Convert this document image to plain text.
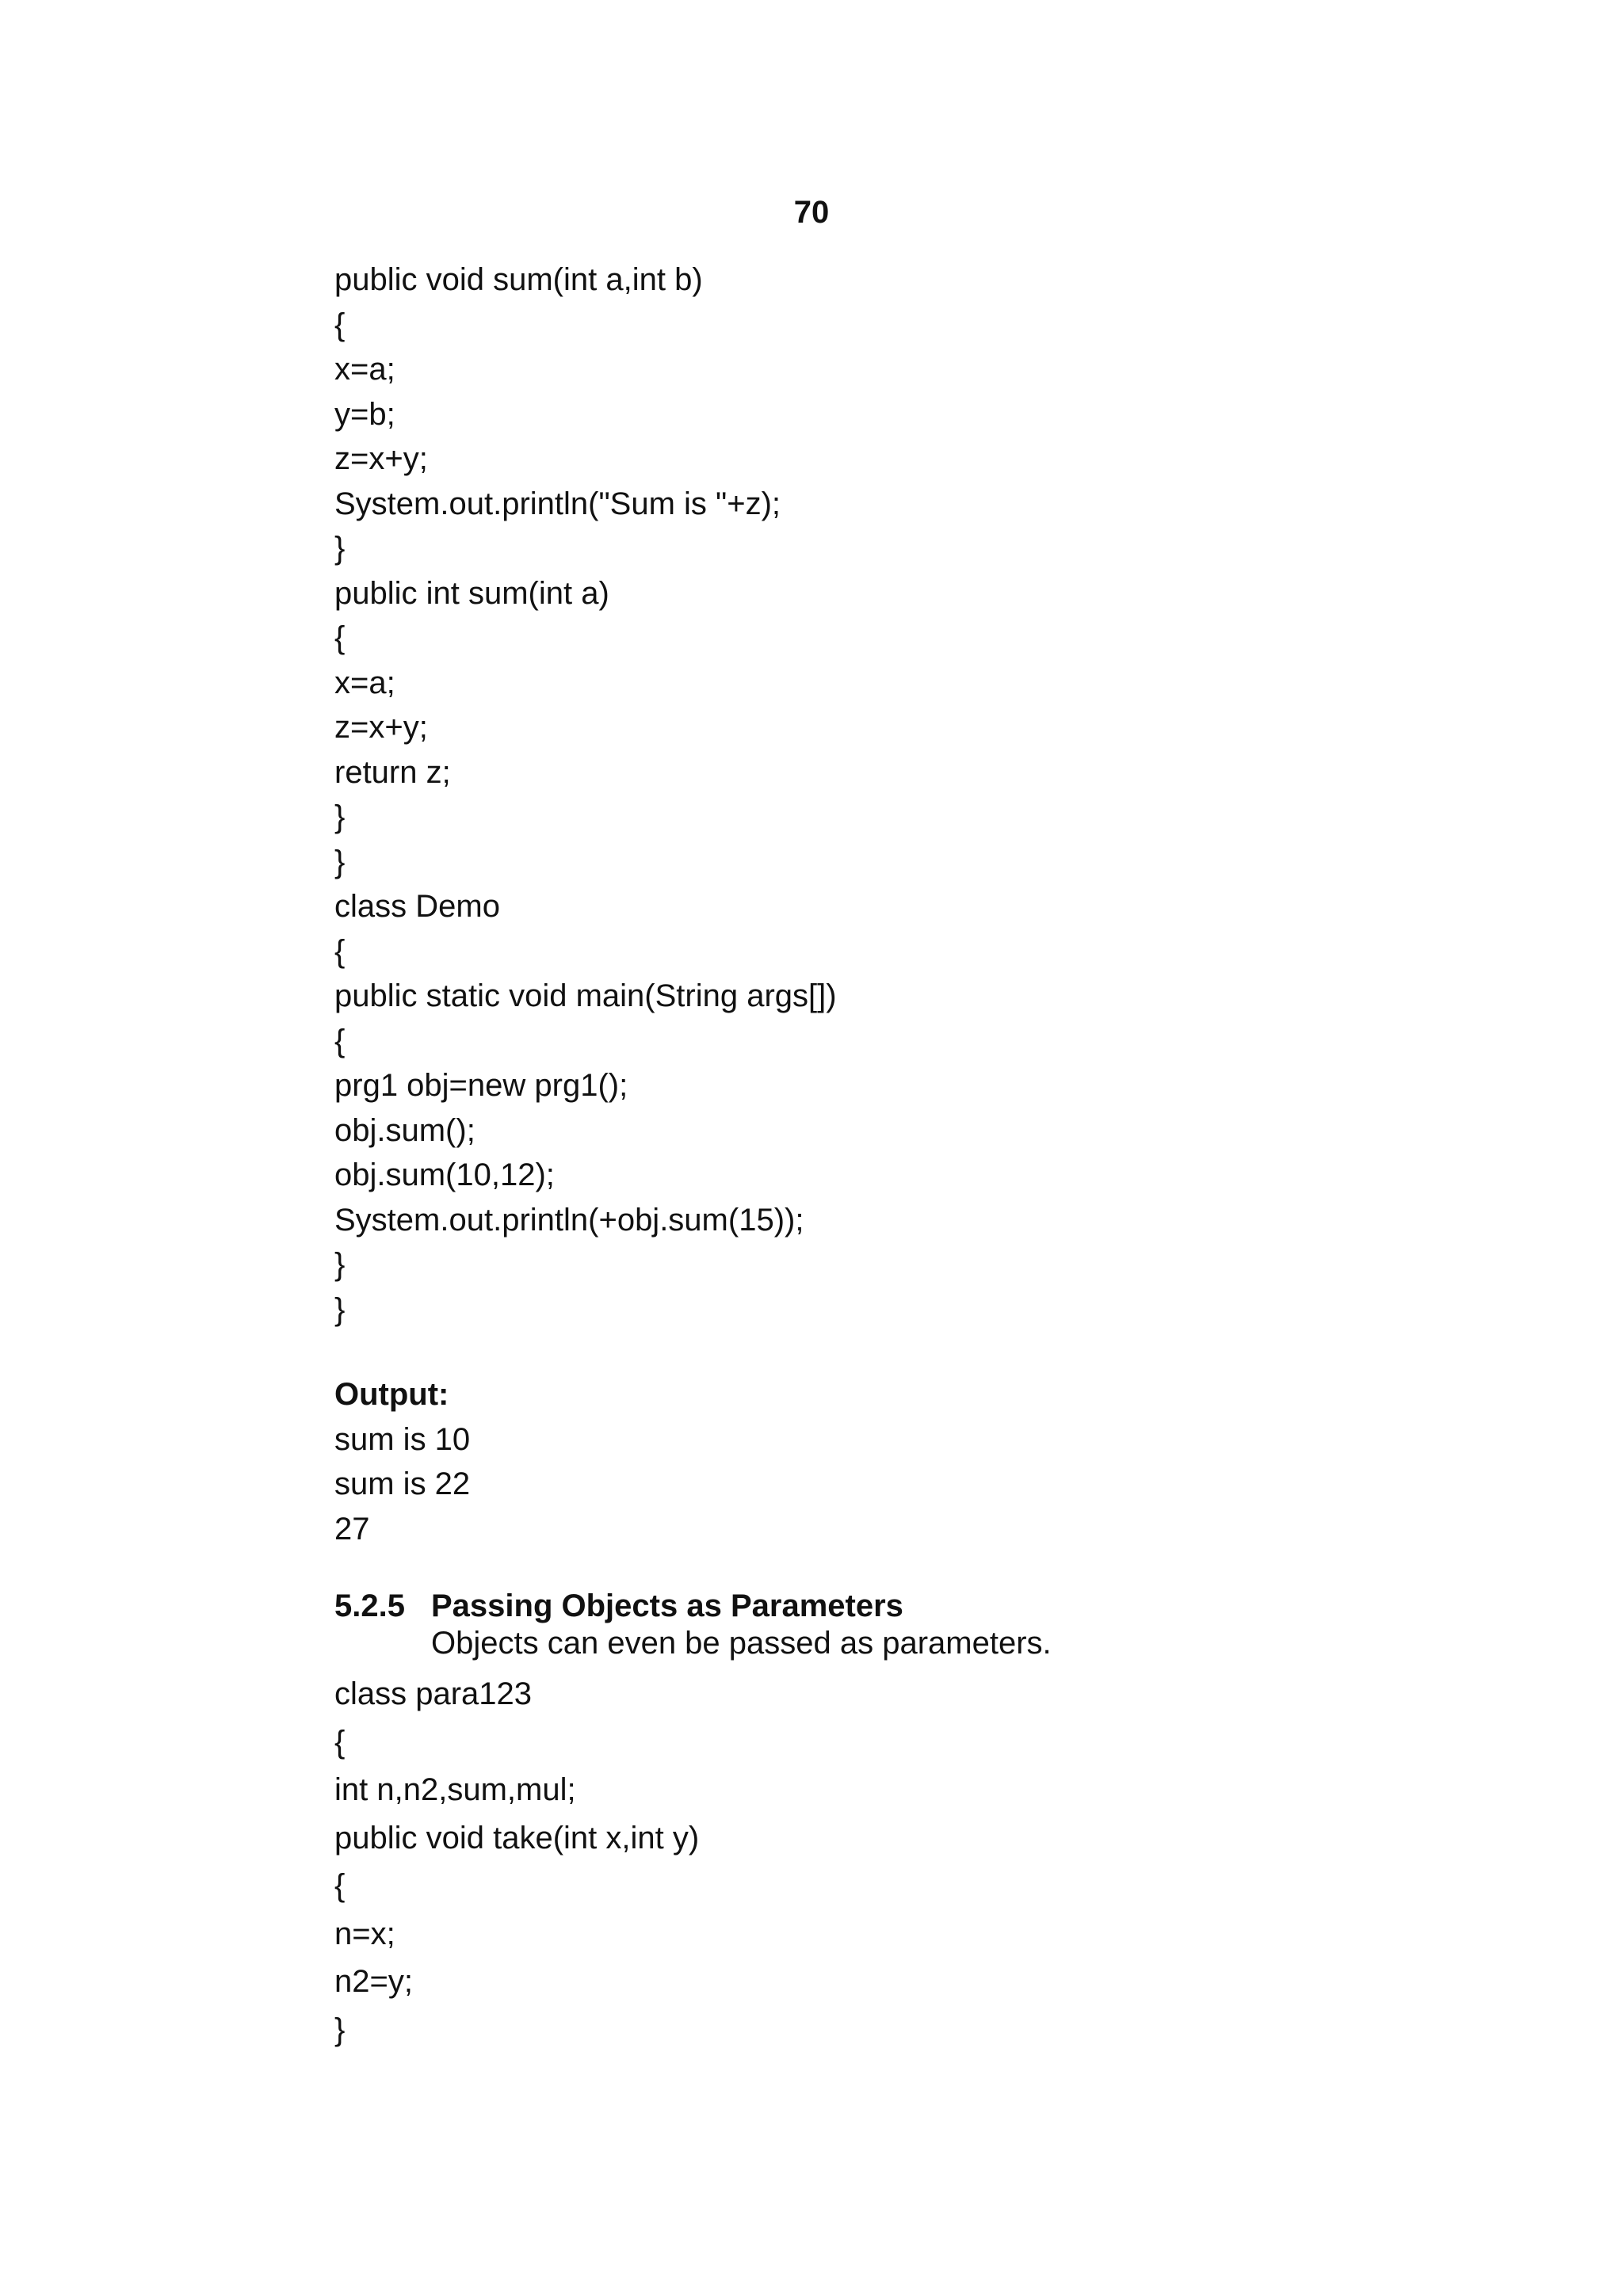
70
public void sum(int a,int b)
{
x=a;
y=b;
z=x+y;
System.out.println("Sum is "+z);
}
public int sum(int a)
{
x=a;
z=x+y;
return z;
}
}
class Demo
{
public static void main(String args[])
{
prg1 obj=new prg1();
obj.sum();
obj.sum(10,12);
System.out.println(+obj.sum(15));
}
}
Output:
sum is 10
sum is 22
27
5.2.5 Passing Objects as Parameters
Objects can even be passed as parameters.
class para123
{
int n,n2,sum,mul;
public void take(int x,int y)
{
n=x;
n2=y;
}
